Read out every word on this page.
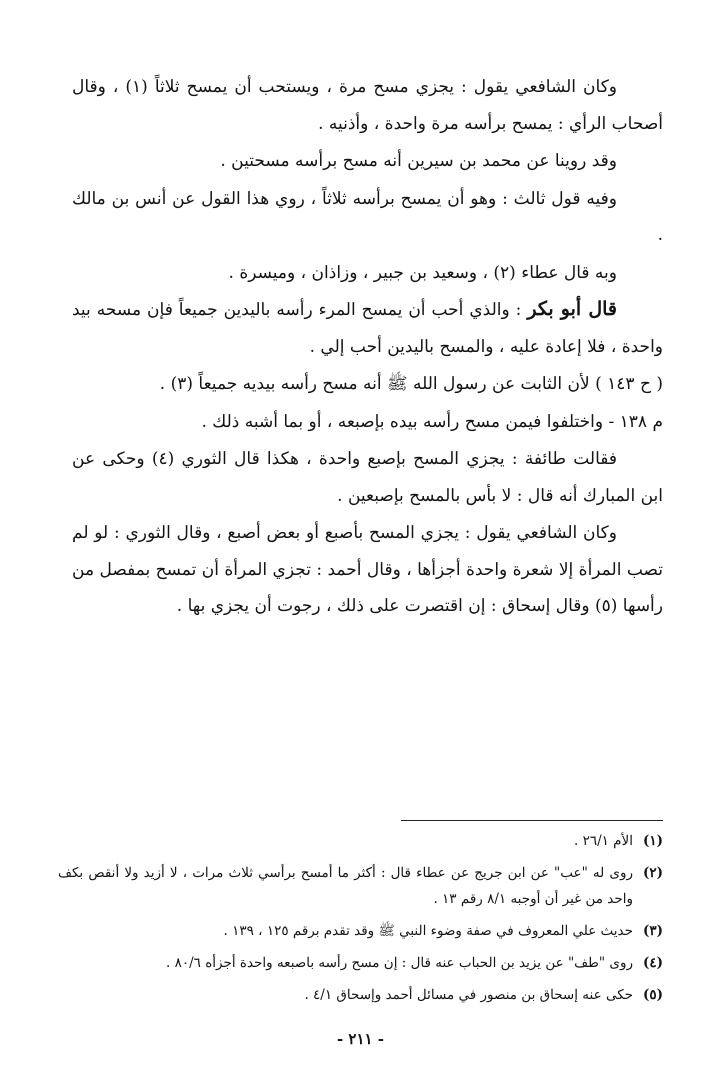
وكان الشافعي يقول : يجزي مسح مرة ، ويستحب أن يمسح ثلاثاً (١) ، وقال أصحاب الرأي : يمسح برأسه مرة واحدة ، وأذنيه .

وقد روينا عن محمد بن سيرين أنه مسح برأسه مسحتين .

وفيه قول ثالث : وهو أن يمسح برأسه ثلاثاً ، روي هذا القول عن أنس بن مالك .

وبه قال عطاء (٢) ، وسعيد بن جبير ، وزاذان ، وميسرة .

قال أبو بكر : والذي أحب أن يمسح المرء رأسه باليدين جميعاً فإن مسحه بيد واحدة ، فلا إعادة عليه ، والمسح باليدين أحب إلي .

( ح ١٤٣ ) لأن الثابت عن رسول الله ﷺ أنه مسح رأسه بيديه جميعاً (٣) .

م ١٣٨ - واختلفوا فيمن مسح رأسه بيده بإصبعه ، أو بما أشبه ذلك .

فقالت طائفة : يجزي المسح بإصبع واحدة ، هكذا قال الثوري (٤) وحكى عن ابن المبارك أنه قال : لا بأس بالمسح بإصبعين .

وكان الشافعي يقول : يجزي المسح بأصبع أو بعض أصبع ، وقال الثوري : لو لم تصب المرأة إلا شعرة واحدة أجزأها ، وقال أحمد : تجزي المرأة أن تمسح بمفصل من رأسها (٥) وقال إسحاق : إن اقتصرت على ذلك ، رجوت أن يجزي بها .

(١)
الأم ٢٦/١ .
(٢)
روى له "عب" عن ابن جريج عن عطاء قال : أكثر ما أمسح برأسي ثلاث مرات ، لا أزيد ولا أنقص بكف واحد من غير أن أوجبه ٨/١ رقم ١٣ .
(٣)
حديث علي المعروف في صفة وضوء النبي ﷺ وقد تقدم برقم ١٢٥ ، ١٣٩ .
(٤)
روى "طف" عن يزيد بن الحباب عنه قال : إن مسح رأسه باصبعه واحدة أجزأه ٨٠/٦ .
(٥)
حكى عنه إسحاق بن منصور في مسائل أحمد وإسحاق ٤/١ .
- ٢١١ -
